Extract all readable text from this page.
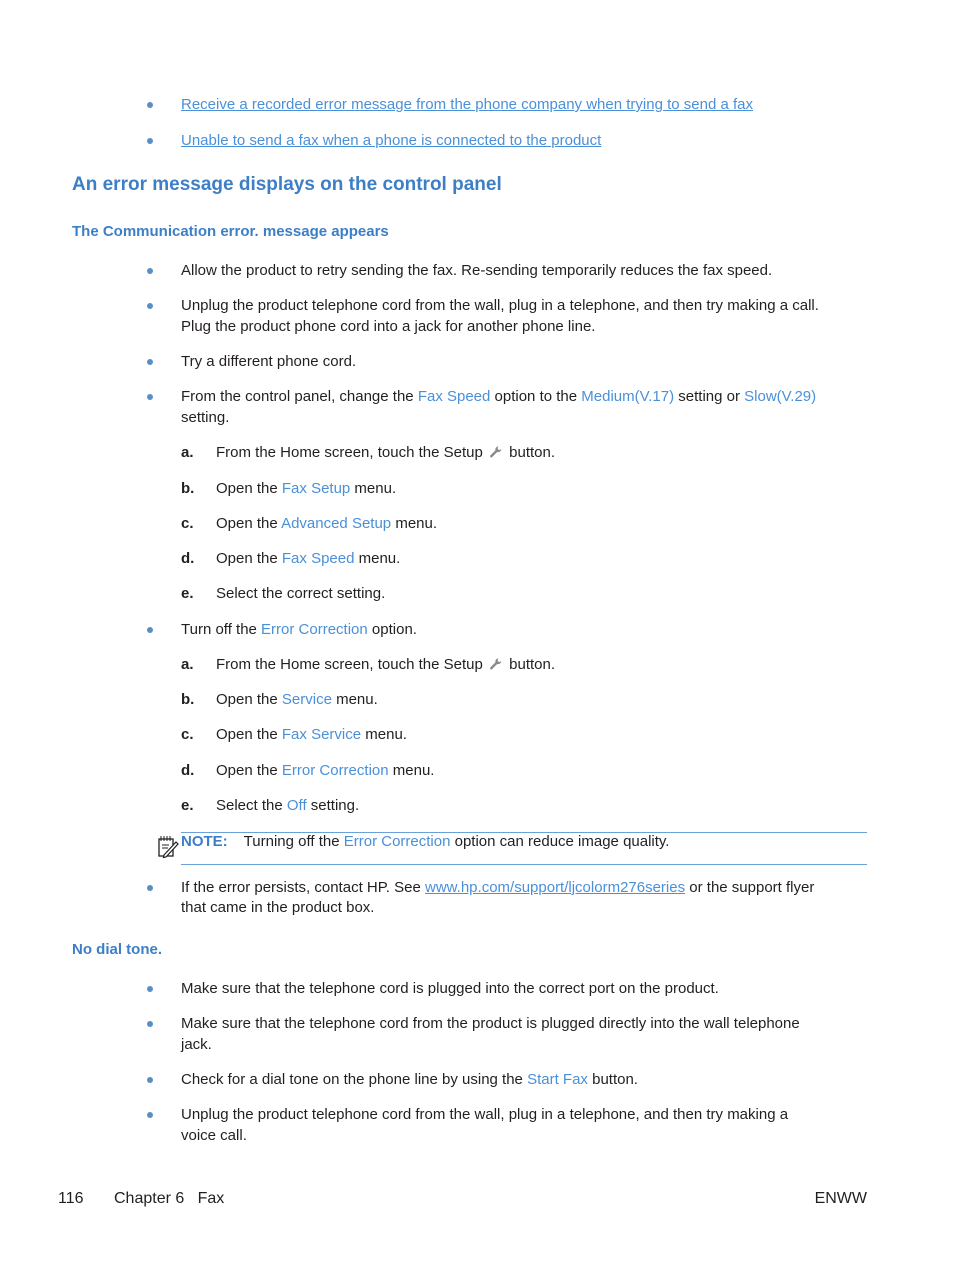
Receive a recorded error message from the phone company when trying to send a fax
Unable to send a fax when a phone is connected to the product
An error message displays on the control panel
The Communication error. message appears
Allow the product to retry sending the fax. Re-sending temporarily reduces the fax speed.
Unplug the product telephone cord from the wall, plug in a telephone, and then try making a call.
Plug the product phone cord into a jack for another phone line.
Try a different phone cord.
From the control panel, change the Fax Speed option to the Medium(V.17) setting or Slow(V.29)
setting.
a. From the Home screen, touch the Setup  button.
b. Open the Fax Setup menu.
c. Open the Advanced Setup menu.
d. Open the Fax Speed menu.
e. Select the correct setting.
Turn off the Error Correction option.
a. From the Home screen, touch the Setup  button.
b. Open the Service menu.
c. Open the Fax Service menu.
d. Open the Error Correction menu.
e. Select the Off setting.
NOTE: Turning off the Error Correction option can reduce image quality.
If the error persists, contact HP. See www.hp.com/support/ljcolorm276series or the support flyer
that came in the product box.
No dial tone.
Make sure that the telephone cord is plugged into the correct port on the product.
Make sure that the telephone cord from the product is plugged directly into the wall telephone
jack.
Check for a dial tone on the phone line by using the Start Fax button.
Unplug the product telephone cord from the wall, plug in a telephone, and then try making a
voice call.
116 Chapter 6   Fax	ENWW
